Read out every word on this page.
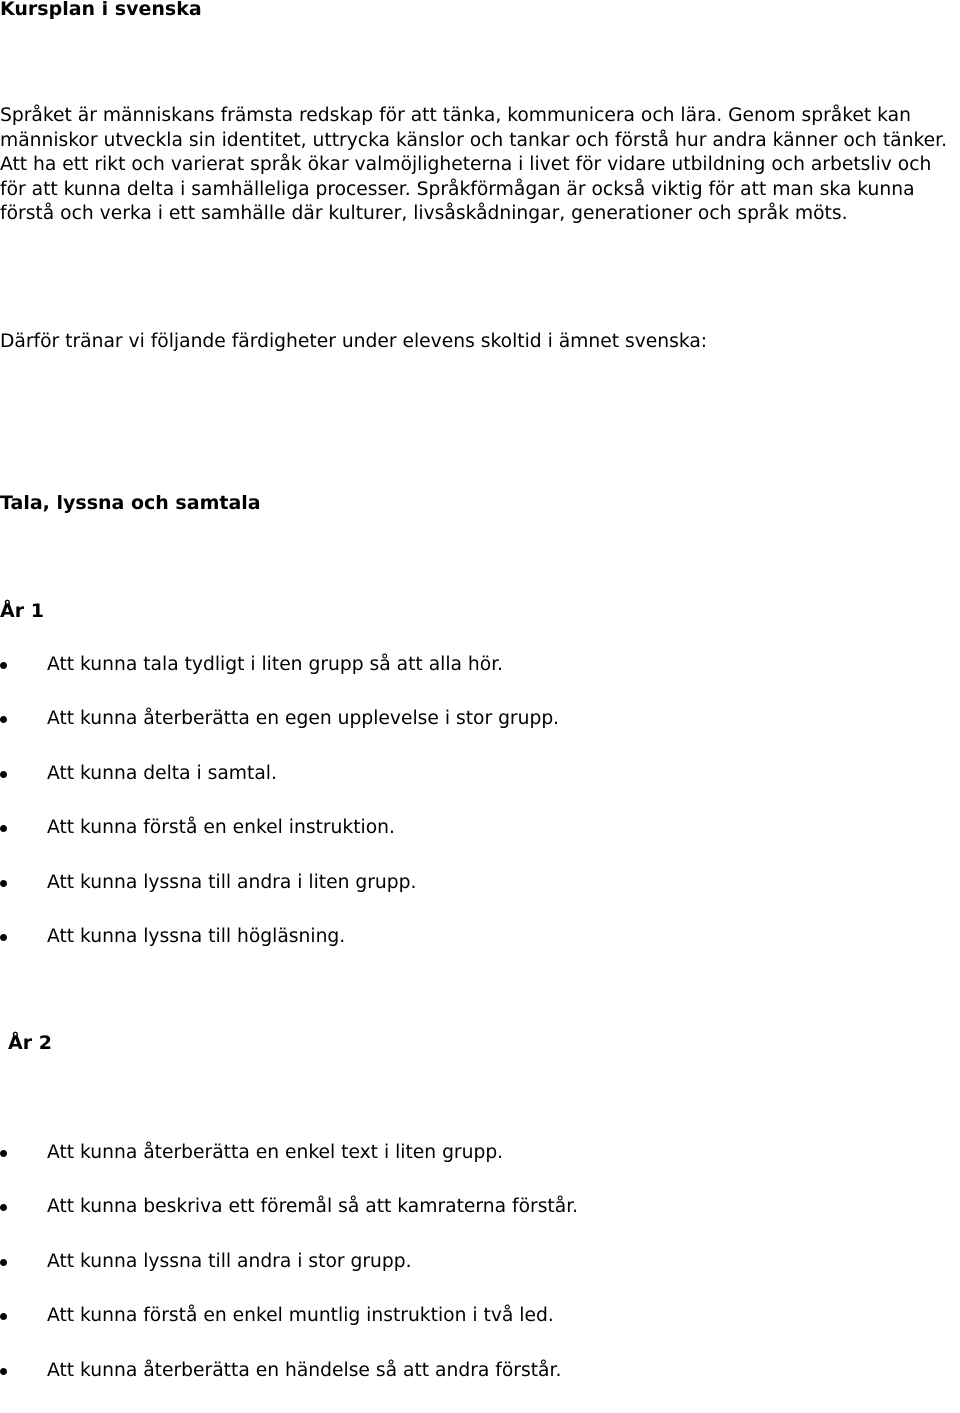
Kursplan i svenska

Språket är människans främsta redskap för att tänka, kommunicera och lära. Genom språket kan människor utveckla sin identitet, uttrycka känslor och tankar och förstå hur andra känner och tänker. Att ha ett rikt och varierat språk ökar valmöjligheterna i livet för vidare utbildning och arbetsliv och för att kunna delta i samhälleliga processer. Språkförmågan är också viktig för att man ska kunna förstå och verka i ett samhälle där kulturer, livsåskådningar, generationer och språk möts.

Därför tränar vi följande färdigheter under elevens skoltid i ämnet svenska:

Tala, lyssna och samtala
År 1
Att kunna tala tydligt i liten grupp så att alla hör.
Att kunna återberätta en egen upplevelse i stor grupp.
Att kunna delta i samtal.
Att kunna förstå en enkel instruktion.
Att kunna lyssna till andra i liten grupp.
Att kunna lyssna till högläsning.
År 2
Att kunna återberätta en enkel text i liten grupp.
Att kunna beskriva ett föremål så att kamraterna förstår.
Att kunna lyssna till andra i stor grupp.
Att kunna förstå en enkel muntlig instruktion i två led.
Att kunna återberätta en händelse så att andra förstår.
